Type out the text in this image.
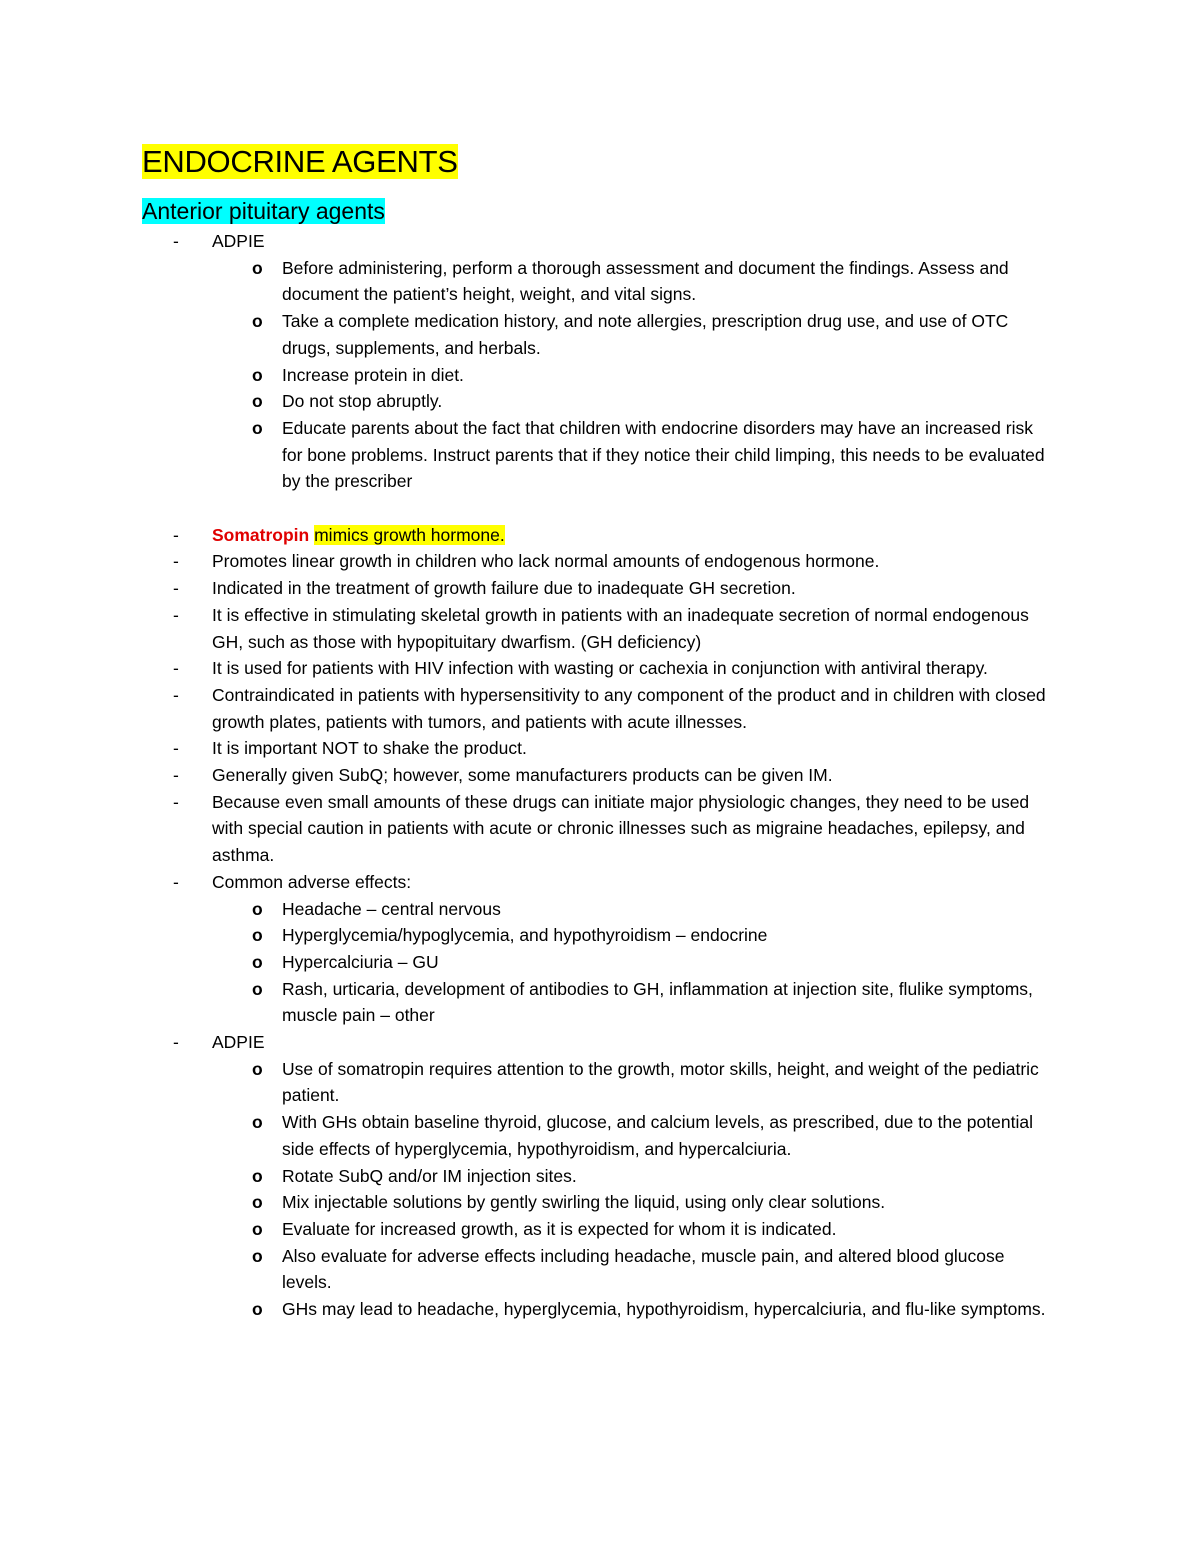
ENDOCRINE AGENTS
Anterior pituitary agents
- ADPIE
o Before administering, perform a thorough assessment and document the findings. Assess and document the patient’s height, weight, and vital signs.
o Take a complete medication history, and note allergies, prescription drug use, and use of OTC drugs, supplements, and herbals.
o Increase protein in diet.
o Do not stop abruptly.
o Educate parents about the fact that children with endocrine disorders may have an increased risk for bone problems. Instruct parents that if they notice their child limping, this needs to be evaluated by the prescriber
- Somatropin mimics growth hormone.
- Promotes linear growth in children who lack normal amounts of endogenous hormone.
- Indicated in the treatment of growth failure due to inadequate GH secretion.
- It is effective in stimulating skeletal growth in patients with an inadequate secretion of normal endogenous GH, such as those with hypopituitary dwarfism. (GH deficiency)
- It is used for patients with HIV infection with wasting or cachexia in conjunction with antiviral therapy.
- Contraindicated in patients with hypersensitivity to any component of the product and in children with closed growth plates, patients with tumors, and patients with acute illnesses.
- It is important NOT to shake the product.
- Generally given SubQ; however, some manufacturers products can be given IM.
- Because even small amounts of these drugs can initiate major physiologic changes, they need to be used with special caution in patients with acute or chronic illnesses such as migraine headaches, epilepsy, and asthma.
- Common adverse effects:
o Headache – central nervous
o Hyperglycemia/hypoglycemia, and hypothyroidism – endocrine
o Hypercalciuria – GU
o Rash, urticaria, development of antibodies to GH, inflammation at injection site, flulike symptoms, muscle pain – other
- ADPIE
o Use of somatropin requires attention to the growth, motor skills, height, and weight of the pediatric patient.
o With GHs obtain baseline thyroid, glucose, and calcium levels, as prescribed, due to the potential side effects of hyperglycemia, hypothyroidism, and hypercalciuria.
o Rotate SubQ and/or IM injection sites.
o Mix injectable solutions by gently swirling the liquid, using only clear solutions.
o Evaluate for increased growth, as it is expected for whom it is indicated.
o Also evaluate for adverse effects including headache, muscle pain, and altered blood glucose levels.
o GHs may lead to headache, hyperglycemia, hypothyroidism, hypercalciuria, and flu-like symptoms.
